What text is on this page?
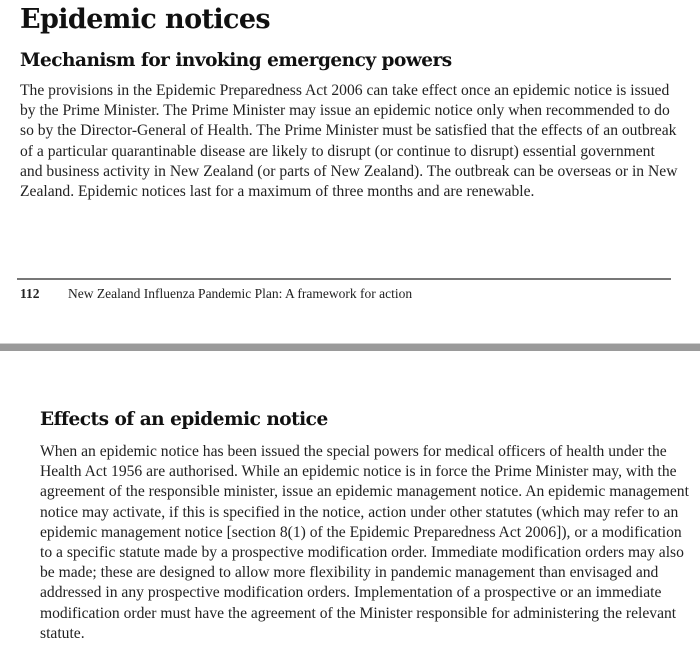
Epidemic notices
Mechanism for invoking emergency powers

The provisions in the Epidemic Preparedness Act 2006 can take effect once an epidemic notice is issued by the Prime Minister. The Prime Minister may issue an epidemic notice only when recommended to do so by the Director-General of Health. The Prime Minister must be satisfied that the effects of an outbreak of a particular quarantinable disease are likely to disrupt (or continue to disrupt) essential government and business activity in New Zealand (or parts of New Zealand). The outbreak can be overseas or in New Zealand. Epidemic notices last for a maximum of three months and are renewable.

112 New Zealand Influenza Pandemic Plan: A framework for action
Effects of an epidemic notice

When an epidemic notice has been issued the special powers for medical officers of health under the Health Act 1956 are authorised. While an epidemic notice is in force the Prime Minister may, with the agreement of the responsible minister, issue an epidemic management notice. An epidemic management notice may activate, if this is specified in the notice, action under other statutes (which may refer to an epidemic management notice [section 8(1) of the Epidemic Preparedness Act 2006]), or a modification to a specific statute made by a prospective modification order. Immediate modification orders may also be made; these are designed to allow more flexibility in pandemic management than envisaged and addressed in any prospective modification orders. Implementation of a prospective or an immediate modification order must have the agreement of the Minister responsible for administering the relevant statute.
